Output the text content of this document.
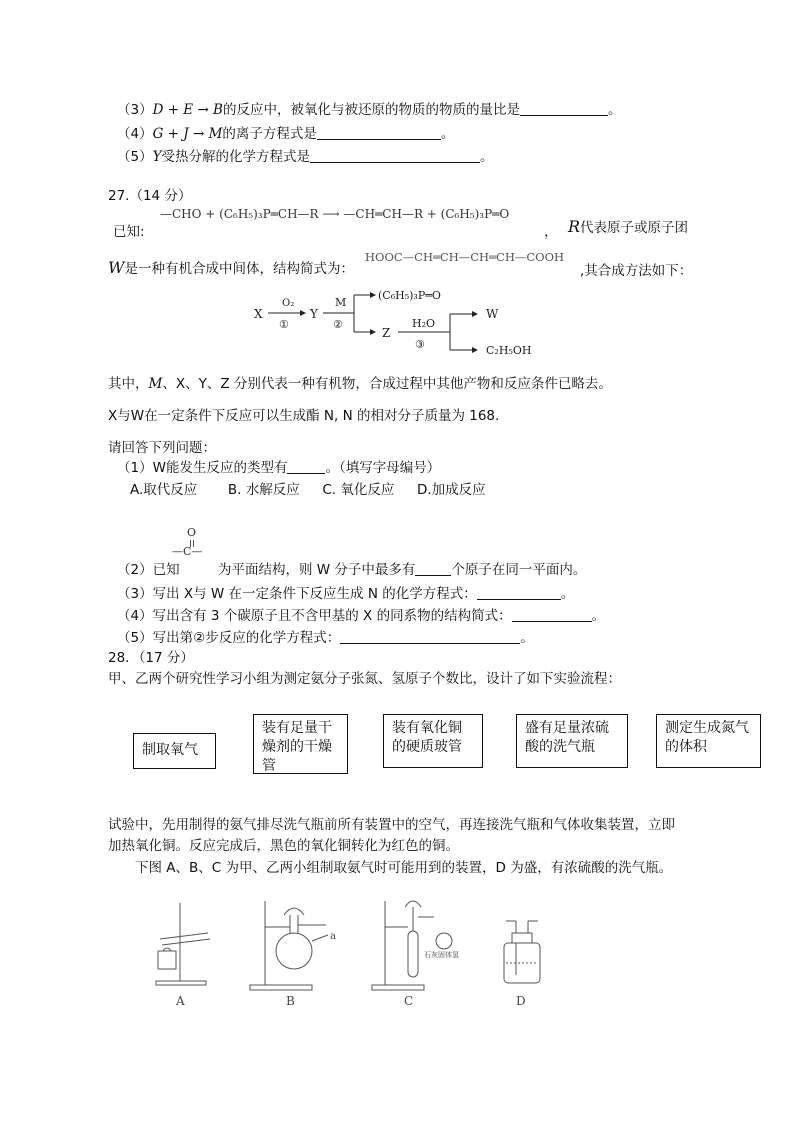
（3）D + E → B的反应中，被氧化与被还原的物质的物质的量比是	。
（4）G + J → M的离子方程式是	。
（5）Y受热分解的化学方程式是	。
27.（14 分）
—CHO + (C₆H₅)₃P═CH—R ⟶ —CH═CH—R + (C₆H₅)₃P═O
已知:	， R代表原子或原子团
W是一种有机合成中间体，结构简式为：
HOOC—CH═CH—CH═CH—COOH
,其合成方法如下：
X
O₂
①
Y
M
②
(C₆H₅)₃P═O
Z
H₂O
③
W
C₂H₅OH
其中，M、X、Y、Z 分别代表一种有机物，合成过程中其他产物和反应条件已略去。
X与W在一定条件下反应可以生成酯 N, N 的相对分子质量为 168.
请回答下列问题：
（1）W能发生反应的类型有	。（填写字母编号）
A.取代反应 B. 水解反应 C. 氧化反应 D.加成反应
（2）已知
O
—C—
为平面结构，则 W 分子中最多有	个原子在同一平面内。
（3）写出 X与 W 在一定条件下反应生成 N 的化学方程式：	。
（4）写出含有 3 个碳原子且不含甲基的 X 的同系物的结构简式：	。
（5）写出第②步反应的化学方程式：	。
28．（17 分）
甲、乙两个研究性学习小组为测定氨分子张氮、氢原子个数比，设计了如下实验流程：
制取氧气
装有足量干燥剂的干燥管
装有氧化铜的硬质玻管
盛有足量浓硫酸的洗气瓶
测定生成氮气的体积
试验中，先用制得的氨气排尽洗气瓶前所有装置中的空气，再连接洗气瓶和气体收集装置，立即
加热氧化铜。反应完成后，黑色的氧化铜转化为红色的铜。
下图 A、B、C 为甲、乙两小组制取氨气时可能用到的装置，D 为盛，有浓硫酸的洗气瓶。
A	B	C	D
a
石灰固体氢
